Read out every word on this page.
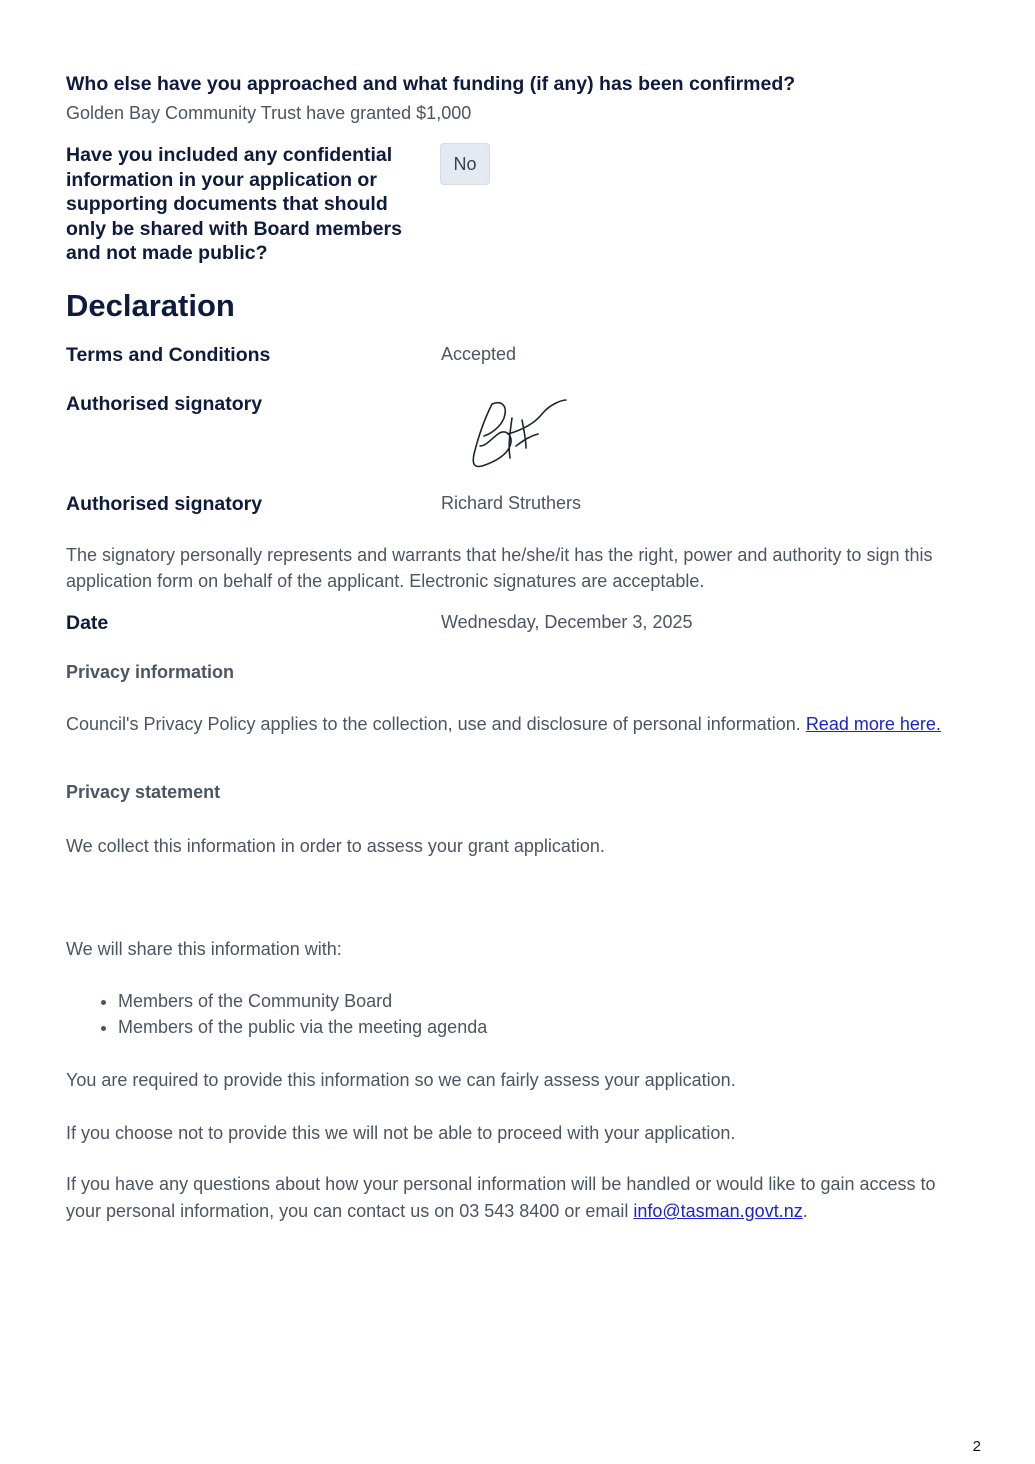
Who else have you approached and what funding (if any) has been confirmed?
Golden Bay Community Trust have granted $1,000
Have you included any confidential information in your application or supporting documents that should only be shared with Board members and not made public?
No
Declaration
Terms and Conditions	Accepted
Authorised signatory
Authorised signatory	Richard Struthers
The signatory personally represents and warrants that he/she/it has the right, power and authority to sign this application form on behalf of the applicant. Electronic signatures are acceptable.
Date	Wednesday, December 3, 2025
Privacy information
Council's Privacy Policy applies to the collection, use and disclosure of personal information. Read more here.
Privacy statement
We collect this information in order to assess your grant application.
We will share this information with:
• Members of the Community Board
• Members of the public via the meeting agenda
You are required to provide this information so we can fairly assess your application.
If you choose not to provide this we will not be able to proceed with your application.
If you have any questions about how your personal information will be handled or would like to gain access to your personal information, you can contact us on 03 543 8400 or email info@tasman.govt.nz.
2
